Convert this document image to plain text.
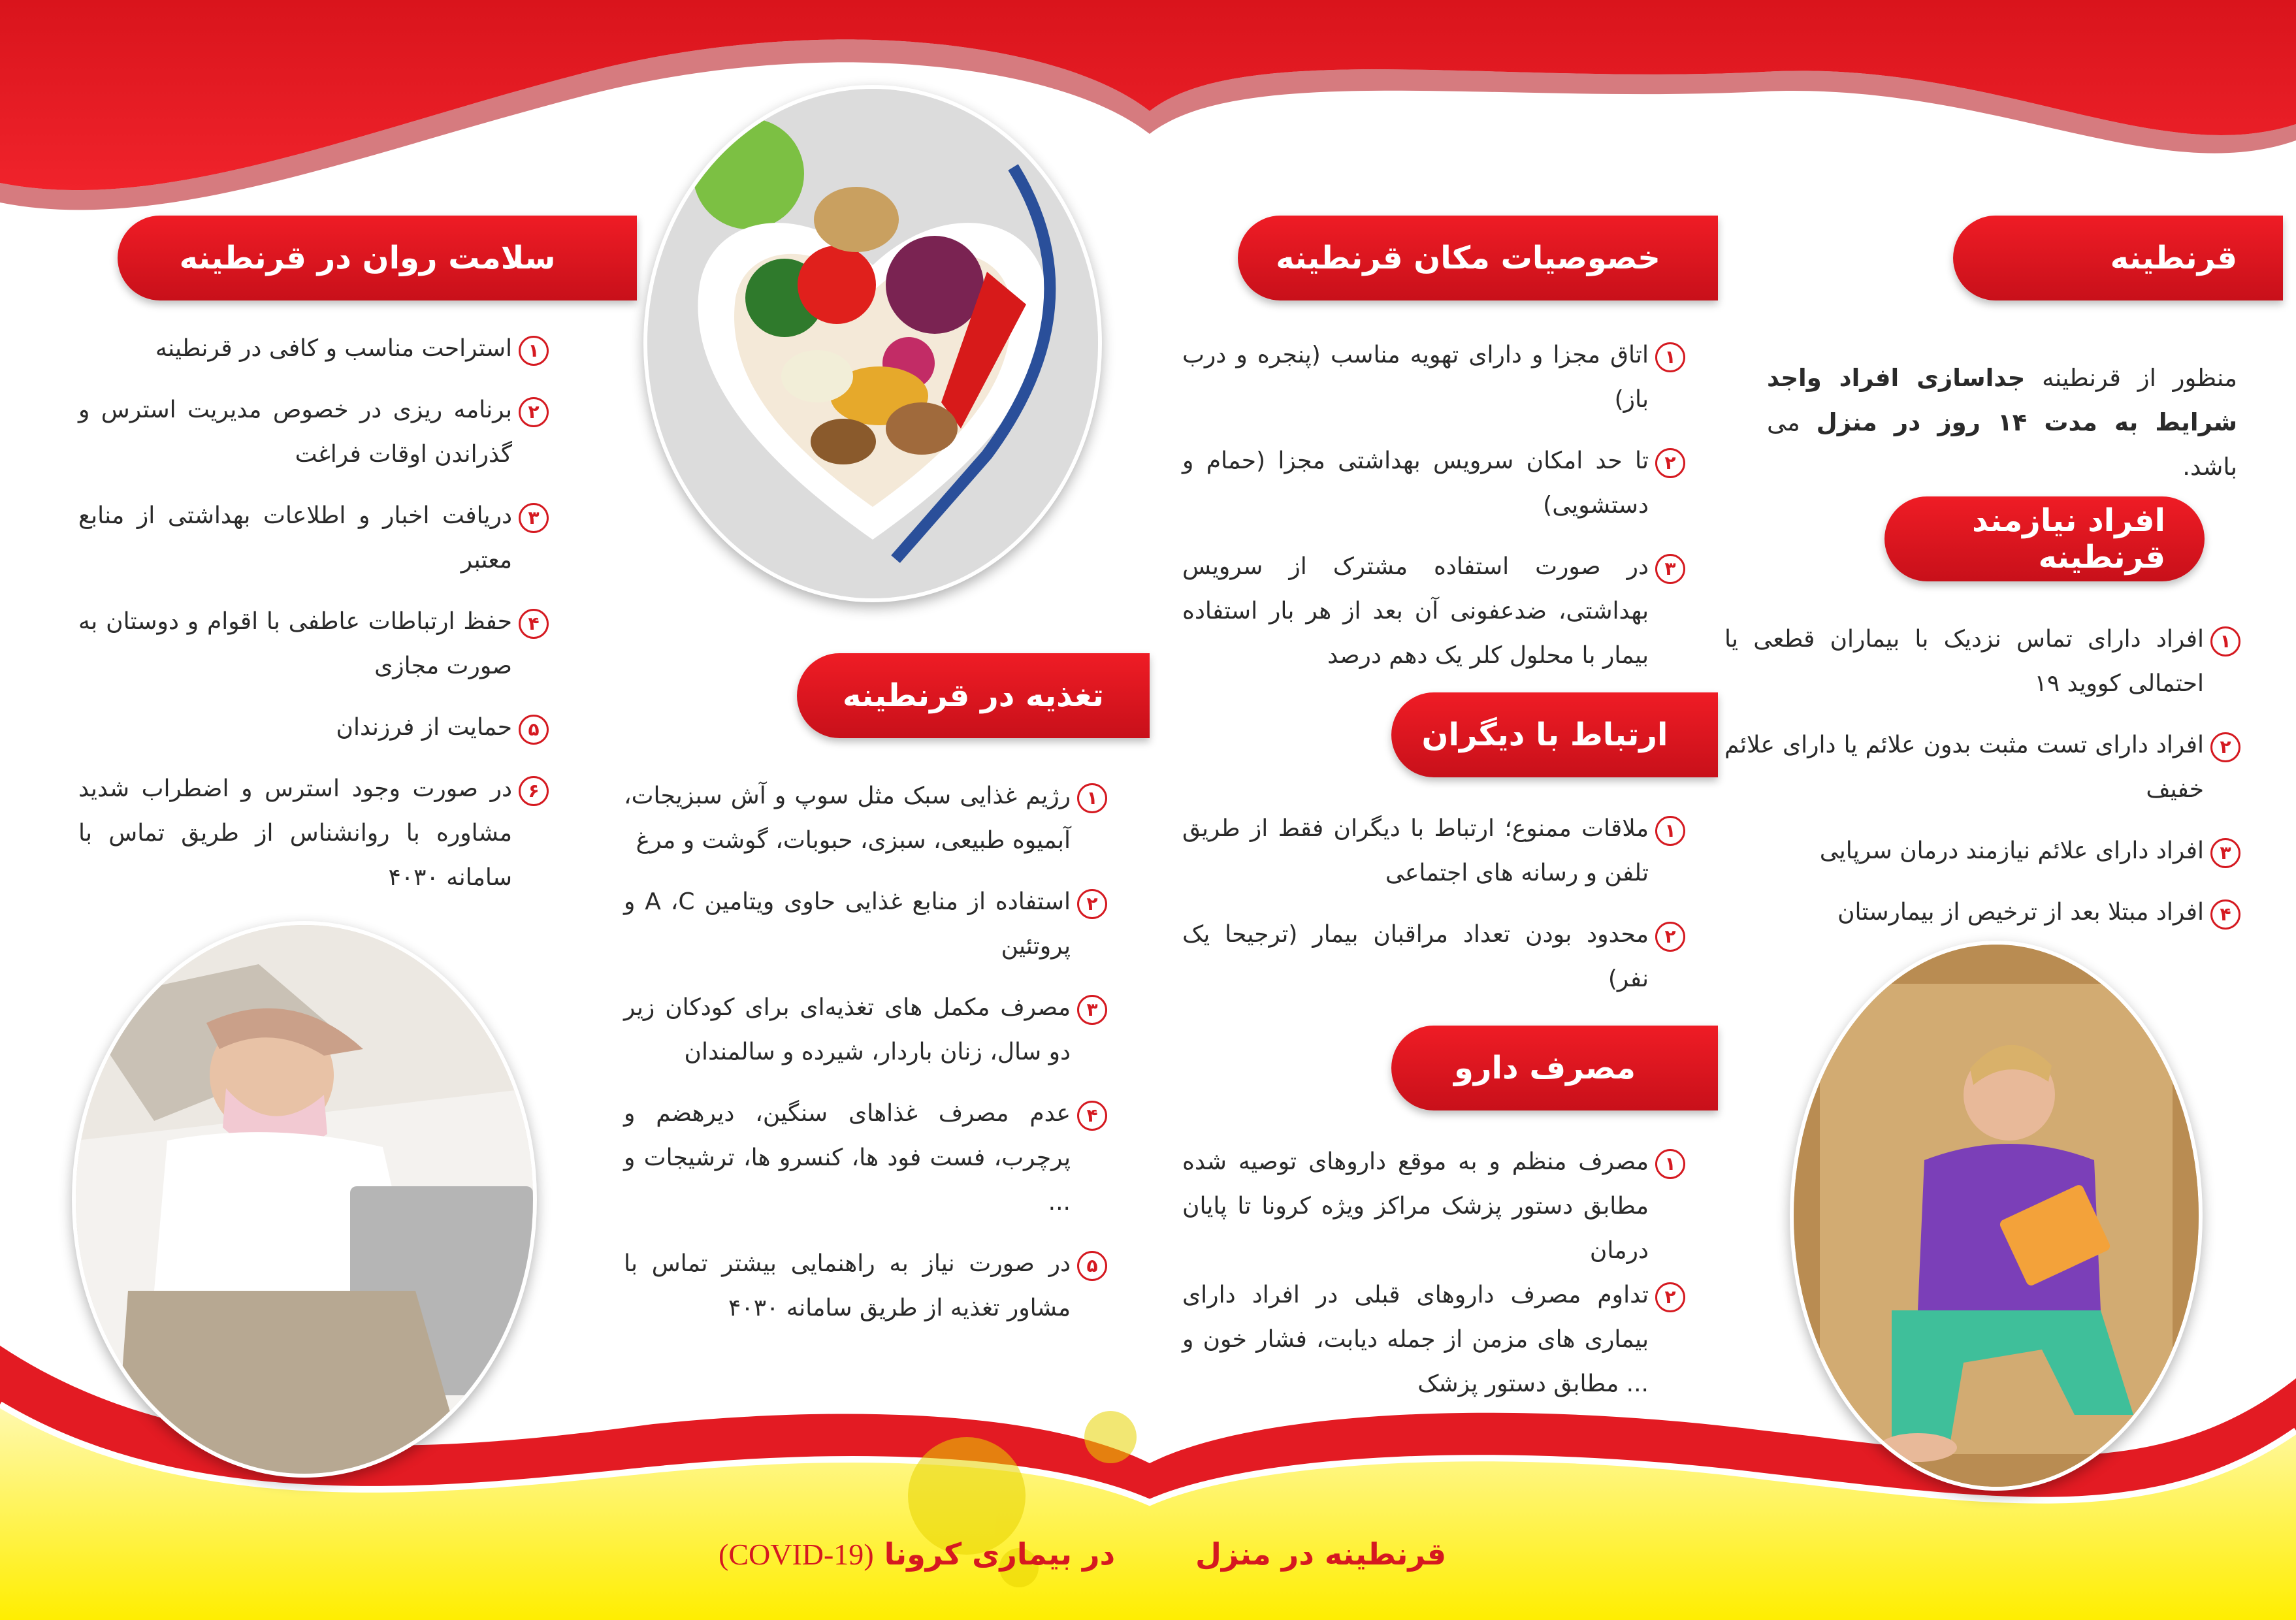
قرنطینه
منظور از قرنطینه جداسازی افراد واجد شرایط به مدت ۱۴ روز در منزل می باشد.
افراد نیازمند قرنطینه
۱
افراد دارای تماس نزدیک با بیماران قطعی یا احتمالی کووید ۱۹
۲
افراد دارای تست مثبت بدون علائم یا دارای علائم خفیف
۳
افراد دارای علائم نیازمند درمان سرپایی
۴
افراد مبتلا بعد از ترخیص از بیمارستان
خصوصیات مکان قرنطینه
۱
اتاق مجزا و دارای تهویه مناسب (پنجره و درب باز)
۲
تا حد امکان سرویس بهداشتی مجزا (حمام و دستشویی)
۳
در صورت استفاده مشترک از سرویس بهداشتی، ضدعفونی آن بعد از هر بار استفاده بیمار با محلول کلر یک دهم درصد
ارتباط با دیگران
۱
ملاقات ممنوع؛ ارتباط با دیگران فقط از طریق تلفن و رسانه های اجتماعی
۲
محدود بودن تعداد مراقبان بیمار (ترجیحا یک نفر)
مصرف دارو
۱
مصرف منظم و به موقع داروهای توصیه شده مطابق دستور پزشک مراکز ویژه کرونا تا پایان درمان
۲
تداوم مصرف داروهای قبلی در افراد دارای بیماری های مزمن از جمله دیابت، فشار خون و ... مطابق دستور پزشک
تغذیه در قرنطینه
۱
رژیم غذایی سبک مثل سوپ و آش سبزیجات، آبمیوه طبیعی، سبزی، حبوبات، گوشت و مرغ
۲
استفاده از منابع غذایی حاوی ویتامین A ،C و پروتئین
۳
مصرف مکمل های تغذیه‌ای برای کودکان زیر دو سال، زنان باردار، شیرده و سالمندان
۴
عدم مصرف غذاهای سنگین، دیرهضم و پرچرب، فست فود ها، کنسرو ها، ترشیجات و ...
۵
در صورت نیاز به راهنمایی بیشتر تماس با مشاور تغذیه از طریق سامانه ۴۰۳۰
سلامت روان در قرنطینه
۱
استراحت مناسب و کافی در قرنطینه
۲
برنامه ریزی در خصوص مدیریت استرس و گذراندن اوقات فراغت
۳
دریافت اخبار و اطلاعات بهداشتی از منابع معتبر
۴
حفظ ارتباطات عاطفی با اقوام و دوستان به صورت مجازی
۵
حمایت از فرزندان
۶
در صورت وجود استرس و اضطراب شدید مشاوره با روانشناس از طریق تماس با سامانه ۴۰۳۰
قرنطینه در منزل
در بیماری کرونا (COVID-19)
